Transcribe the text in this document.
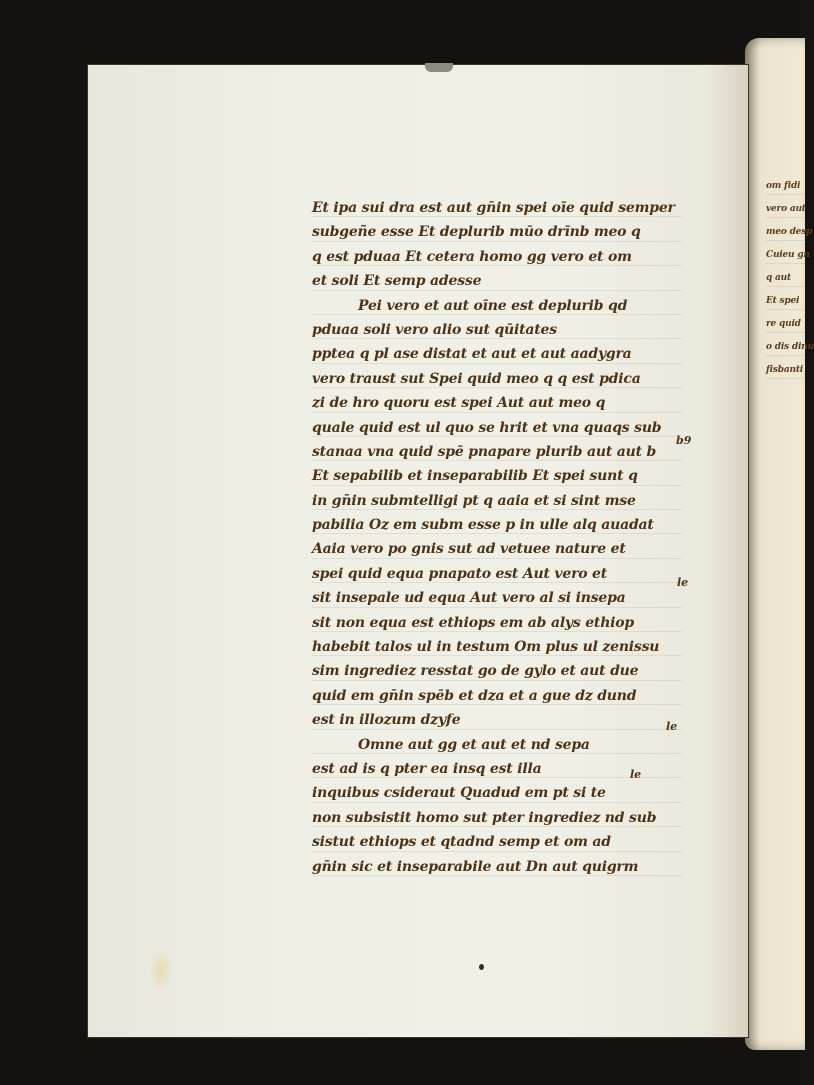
Et ipa sui dra est aut gn̄in spei oīe quid semper
subgeñe esse Et deplurib mūo drīnb meo q
q est pduaa Et cetera homo gg vero et om
et soli Et semp adesse
Pei vero et aut oīne est deplurib qd
pduaa soli vero alio sut qūitates
pptea q pl ase distat et aut et aut aadygra
vero traust sut Spei quid meo q q est pdica
zi de hro quoru est spei Aut aut meo q
quale quid est ul quo se hrit et vna quaqs sub
stanaa vna quid spē pnapare plurib aut aut b
Et sepabilib et inseparabilib Et spei sunt q
in gn̄in submtelligi pt q aaia et si sint mse
pabilia Oz em subm esse p in ulle alq auadat
Aaia vero po gnis sut ad vetuee nature et
spei quid equa pnapato est Aut vero et
sit insepale ud equa Aut vero al si insepa
sit non equa est ethiops em ab alys ethiop
habebit talos ul in testum Om plus ul zenissu
sim ingrediez resstat go de gylo et aut due
quid em gn̄in spēb et dza et a gue dz dund
est in illozum dzyfe
Omne aut gg et aut et nd sepa
est ad is q pter ea insq est illa
inquibus csideraut Quadud em pt si te
non subsistit homo sut pter ingrediez nd sub
sistut ethiops et qtadnd semp et om ad
gn̄in sic et inseparabile aut Dn aut quigrm
b9
le
le
le
om fidi
vero aut
meo desp
Cuieu gn
q aut
Et spei
re quid
o dis dinu
fisbanti
